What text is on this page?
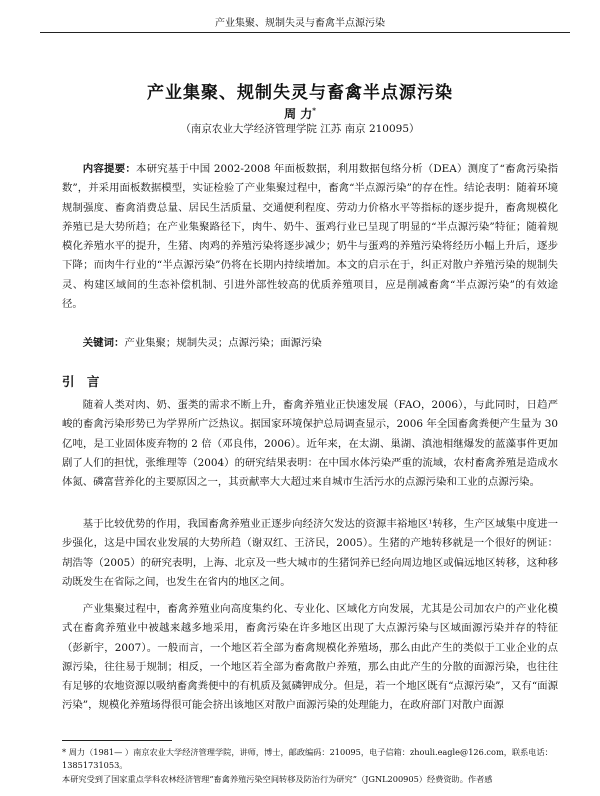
产业集聚、规制失灵与畜禽半点源污染
产业集聚、规制失灵与畜禽半点源污染
周 力*
（南京农业大学经济管理学院 江苏 南京 210095）
内容提要：本研究基于中国 2002-2008 年面板数据，利用数据包络分析（DEA）测度了“畜禽污染指数”，并采用面板数据模型，实证检验了产业集聚过程中，畜禽“半点源污染”的存在性。结论表明：随着环境规制强度、畜禽消费总量、居民生活质量、交通便利程度、劳动力价格水平等指标的逐步提升，畜禽规模化养殖已是大势所趋；在产业集聚路径下，肉牛、奶牛、蛋鸡行业已呈现了明显的“半点源污染”特征；随着规模化养殖水平的提升，生猪、肉鸡的养殖污染将逐步减少；奶牛与蛋鸡的养殖污染将经历小幅上升后，逐步下降；而肉牛行业的“半点源污染”仍将在长期内持续增加。本文的启示在于，纠正对散户养殖污染的规制失灵、构建区域间的生态补偿机制、引进外部性较高的优质养殖项目，应是削减畜禽“半点源污染”的有效途径。
关键词：产业集聚；规制失灵；点源污染；面源污染
引 言
随着人类对肉、奶、蛋类的需求不断上升，畜禽养殖业正快速发展（FAO，2006），与此同时，日趋严峻的畜禽污染形势已为学界所广泛热议。据国家环境保护总局调查显示，2006 年全国畜禽粪便产生量为 30 亿吨，是工业固体废弃物的 2 倍（邓良伟，2006）。近年来，在太湖、巢湖、滇池相继爆发的蓝藻事件更加剧了人们的担忧，张维理等（2004）的研究结果表明：在中国水体污染严重的流域，农村畜禽养殖是造成水体氮、磷富营养化的主要原因之一，其贡献率大大超过来自城市生活污水的点源污染和工业的点源污染。
基于比较优势的作用，我国畜禽养殖业正逐步向经济欠发达的资源丰裕地区¹转移，生产区域集中度进一步强化，这是中国农业发展的大势所趋（谢双红、王济民，2005）。生猪的产地转移就是一个很好的例证：胡浩等（2005）的研究表明，上海、北京及一些大城市的生猪饲养已经向周边地区或偏远地区转移，这种移动既发生在省际之间，也发生在省内的地区之间。
产业集聚过程中，畜禽养殖业向高度集约化、专业化、区域化方向发展，尤其是公司加农户的产业化模式在畜禽养殖业中被越来越多地采用，畜禽污染在许多地区出现了大点源污染与区域面源污染并存的特征（彭新宇，2007）。一般而言，一个地区若全部为畜禽规模化养殖场，那么由此产生的类似于工业企业的点源污染，往往易于规制；相反，一个地区若全部为畜禽散户养殖，那么由此产生的分散的面源污染，也往往有足够的农地资源以吸纳畜禽粪便中的有机质及氮磷钾成分。但是，若一个地区既有“点源污染”，又有“面源污染”，规模化养殖场得很可能会挤出该地区对散户面源污染的处理能力，在政府部门对散户面源
* 周力（1981— ）南京农业大学经济管理学院，讲师，博士，邮政编码：210095，电子信箱：zhouli.eagle@126.com，联系电话：13851731053。
本研究受到了国家重点学科农林经济管理“畜禽养殖污染空间转移及防治行为研究”（JGNL200905）经费资助。作者感
